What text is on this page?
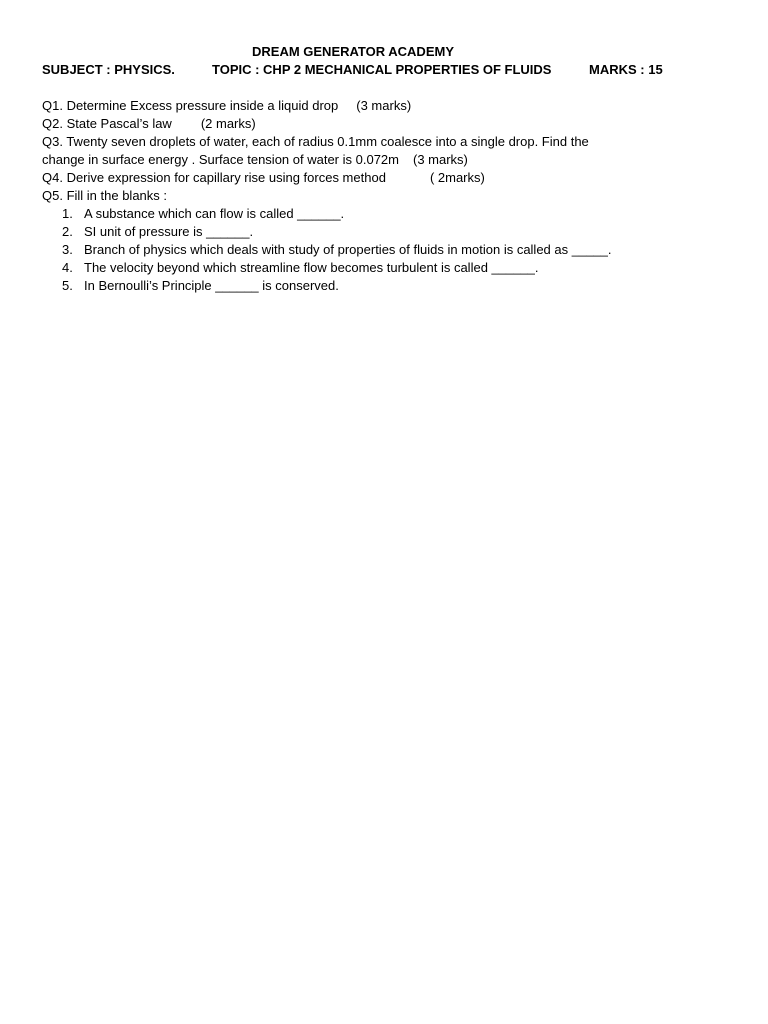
DREAM GENERATOR ACADEMY
SUBJECT : PHYSICS.	TOPIC : CHP 2 MECHANICAL PROPERTIES OF FLUIDS	MARKS : 15

Q1. Determine Excess pressure inside a liquid drop (3 marks)

Q2. State Pascal’s law (2 marks)

Q3. Twenty seven droplets of water, each of radius 0.1mm coalesce into a single drop. Find the change in surface energy . Surface tension of water is 0.072m (3 marks)

Q4. Derive expression for capillary rise using forces method	( 2marks)

Q5. Fill in the blanks :

1. A substance which can flow is called ______.
2. SI unit of pressure is ______.
3. Branch of physics which deals with study of properties of fluids in motion is called as _____.
4. The velocity beyond which streamline flow becomes turbulent is called ______.
5. In Bernoulli’s Principle ______ is conserved.
